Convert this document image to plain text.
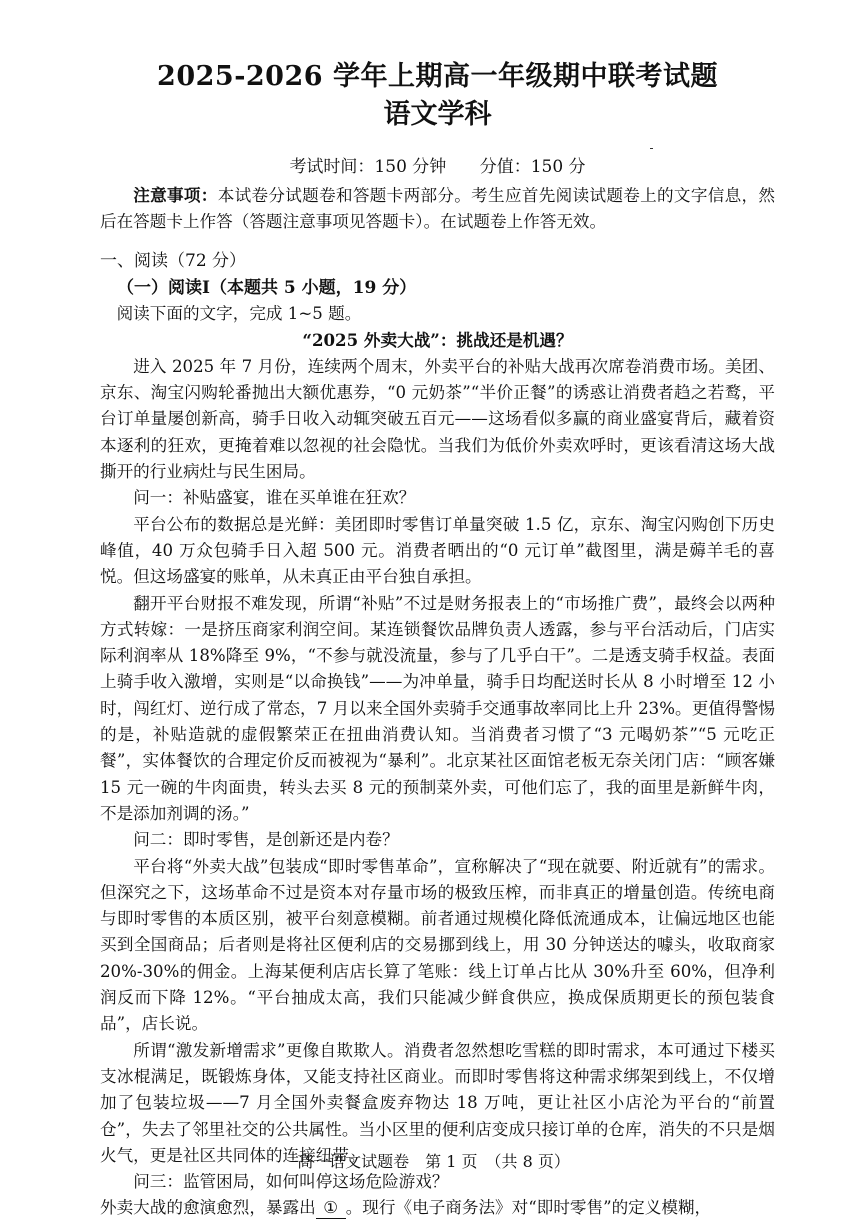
2025-2026 学年上期高一年级期中联考试题
语文学科
考试时间：150 分钟 分值：150 分

注意事项：本试卷分试题卷和答题卡两部分。考生应首先阅读试题卷上的文字信息，然后在答题卡上作答（答题注意事项见答题卡）。在试题卷上作答无效。

一、阅读（72 分）

（一）阅读Ⅰ（本题共 5 小题，19 分）

阅读下面的文字，完成 1~5 题。

“2025 外卖大战”：挑战还是机遇？

进入 2025 年 7 月份，连续两个周末，外卖平台的补贴大战再次席卷消费市场。美团、京东、淘宝闪购轮番抛出大额优惠券，“0 元奶茶”“半价正餐”的诱惑让消费者趋之若鹜，平台订单量屡创新高，骑手日收入动辄突破五百元——这场看似多赢的商业盛宴背后，藏着资本逐利的狂欢，更掩着难以忽视的社会隐忧。当我们为低价外卖欢呼时，更该看清这场大战撕开的行业病灶与民生困局。

问一：补贴盛宴，谁在买单谁在狂欢？

平台公布的数据总是光鲜：美团即时零售订单量突破 1.5 亿，京东、淘宝闪购创下历史峰值，40 万众包骑手日入超 500 元。消费者晒出的“0 元订单”截图里，满是薅羊毛的喜悦。但这场盛宴的账单，从未真正由平台独自承担。

翻开平台财报不难发现，所谓“补贴”不过是财务报表上的“市场推广费”，最终会以两种方式转嫁：一是挤压商家利润空间。某连锁餐饮品牌负责人透露，参与平台活动后，门店实际利润率从 18%降至 9%，“不参与就没流量，参与了几乎白干”。二是透支骑手权益。表面上骑手收入激增，实则是“以命换钱”——为冲单量，骑手日均配送时长从 8 小时增至 12 小时，闯红灯、逆行成了常态，7 月以来全国外卖骑手交通事故率同比上升 23%。更值得警惕的是，补贴造就的虚假繁荣正在扭曲消费认知。当消费者习惯了“3 元喝奶茶”“5 元吃正餐”，实体餐饮的合理定价反而被视为“暴利”。北京某社区面馆老板无奈关闭门店：“顾客嫌 15 元一碗的牛肉面贵，转头去买 8 元的预制菜外卖，可他们忘了，我的面里是新鲜牛肉，不是添加剂调的汤。”

问二：即时零售，是创新还是内卷？

平台将“外卖大战”包装成“即时零售革命”，宣称解决了“现在就要、附近就有”的需求。但深究之下，这场革命不过是资本对存量市场的极致压榨，而非真正的增量创造。传统电商与即时零售的本质区别，被平台刻意模糊。前者通过规模化降低流通成本，让偏远地区也能买到全国商品；后者则是将社区便利店的交易挪到线上，用 30 分钟送达的噱头，收取商家 20%-30%的佣金。上海某便利店店长算了笔账：线上订单占比从 30%升至 60%，但净利润反而下降 12%。“平台抽成太高，我们只能减少鲜食供应，换成保质期更长的预包装食品”，店长说。

所谓“激发新增需求”更像自欺欺人。消费者忽然想吃雪糕的即时需求，本可通过下楼买支冰棍满足，既锻炼身体，又能支持社区商业。而即时零售将这种需求绑架到线上，不仅增加了包装垃圾——7 月全国外卖餐盒废弃物达 18 万吨，更让社区小店沦为平台的“前置仓”，失去了邻里社交的公共属性。当小区里的便利店变成只接订单的仓库，消失的不只是烟火气，更是社区共同体的连接纽带。

问三：监管困局，如何叫停这场危险游戏？

外卖大战的愈演愈烈，暴露出 ① 。现行《电子商务法》对“即时零售”的定义模糊，

高一语文试题卷　第 1 页　（共 8 页）
